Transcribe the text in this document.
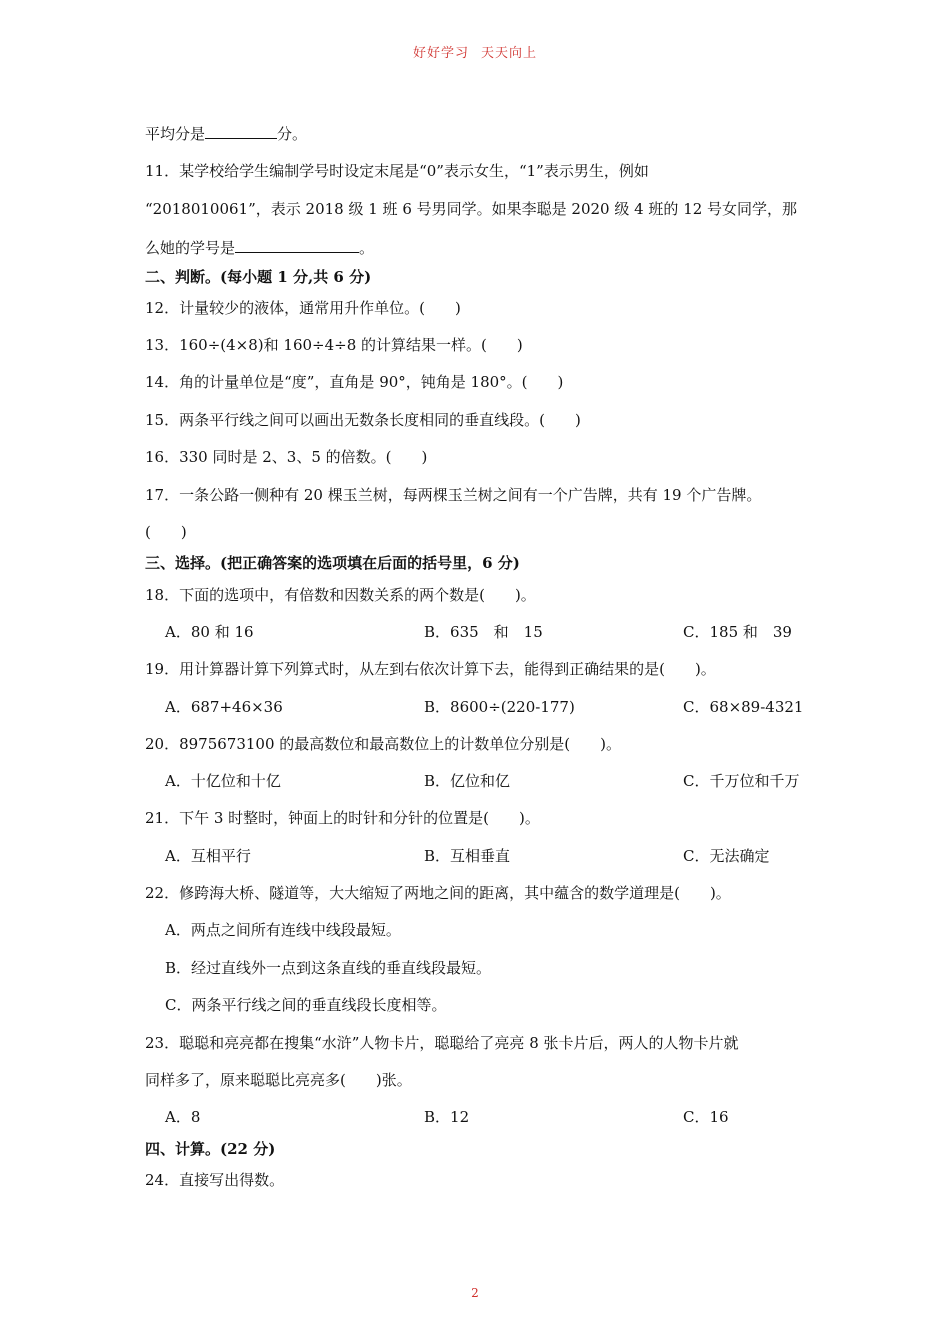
好好学习 天天向上
平均分是	分。
11．某学校给学生编制学号时设定末尾是“0”表示女生，“1”表示男生，例如
“2018010061”，表示 2018 级 1 班 6 号男同学。如果李聪是 2020 级 4 班的 12 号女同学，那
么她的学号是	。
二、判断。(每小题 1 分,共 6 分)
12．计量较少的液体，通常用升作单位。(　　)
13．160÷(4×8)和 160÷4÷8 的计算结果一样。(　　)
14．角的计量单位是“度”，直角是 90°，钝角是 180°。(　　)
15．两条平行线之间可以画出无数条长度相同的垂直线段。(　　)
16．330 同时是 2、3、5 的倍数。(　　)
17．一条公路一侧种有 20 棵玉兰树，每两棵玉兰树之间有一个广告牌，共有 19 个广告牌。
(　　)
三、选择。(把正确答案的选项填在后面的括号里，6 分)
18．下面的选项中，有倍数和因数关系的两个数是(　　)。
A．80 和 16	B．635　和　15	C．185 和　39
19．用计算器计算下列算式时，从左到右依次计算下去，能得到正确结果的是(　　)。
A．687+46×36	B．8600÷(220-177)	C．68×89-4321
20．8975673100 的最高数位和最高数位上的计数单位分别是(　　)。
A．十亿位和十亿	B．亿位和亿	C．千万位和千万
21．下午 3 时整时，钟面上的时针和分针的位置是(　　)。
A．互相平行	B．互相垂直	C．无法确定
22．修跨海大桥、隧道等，大大缩短了两地之间的距离，其中蕴含的数学道理是(　　)。
A．两点之间所有连线中线段最短。
B．经过直线外一点到这条直线的垂直线段最短。
C．两条平行线之间的垂直线段长度相等。
23．聪聪和亮亮都在搜集“水浒”人物卡片，聪聪给了亮亮 8 张卡片后，两人的人物卡片就
同样多了，原来聪聪比亮亮多(　　)张。
A．8	B．12	C．16
四、计算。(22 分)
24．直接写出得数。
2
